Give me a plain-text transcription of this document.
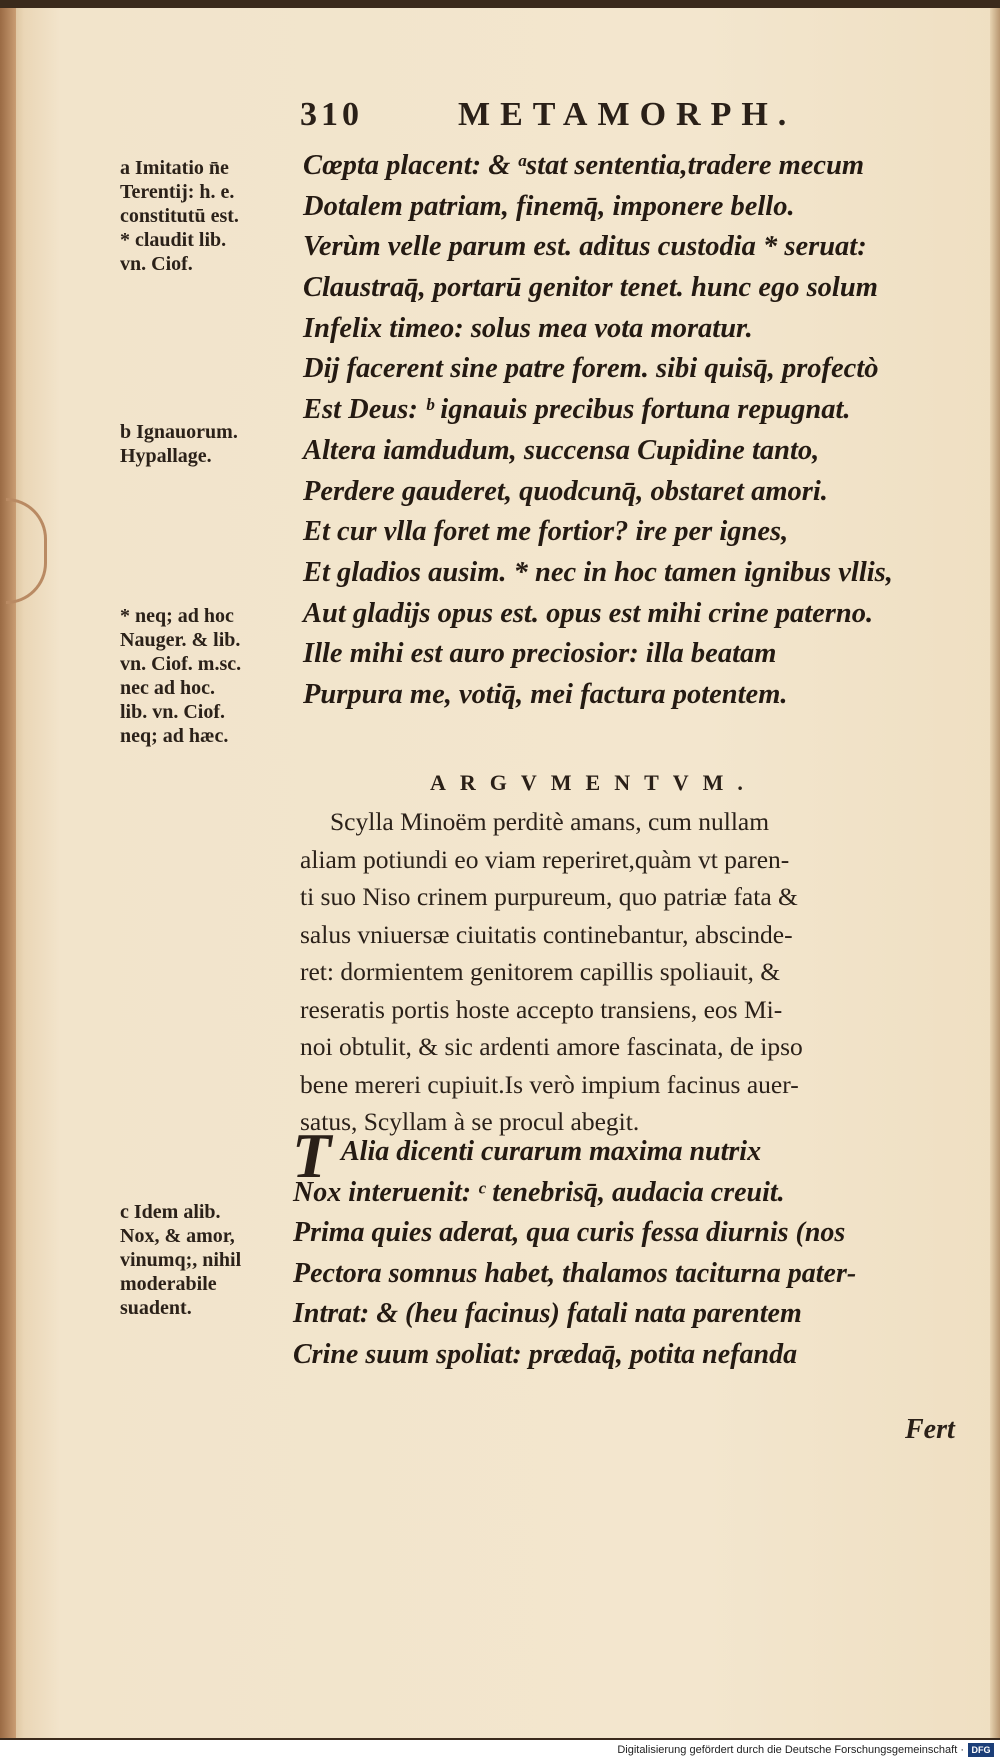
310	METAMORPH.
a Imitatio n̄e
Terentij: h. e.
constitutū est.
* claudit lib.
vn. Ciof.
b Ignauorum.
Hypallage.
* neq; ad hoc
Nauger. & lib.
vn. Ciof. m.sc.
nec ad hoc.
lib. vn. Ciof.
neq; ad hæc.
c Idem alib.
Nox, & amor,
vinumq;, nihil
moderabile
suadent.
Cœpta placent: & ᵃstat sententia,tradere mecum
Dotalem patriam, finemq̄, imponere bello.
Verùm velle parum est. aditus custodia * seruat:
Claustraq̄, portarū genitor tenet. hunc ego solum
Infelix timeo: solus mea vota moratur.
Dij facerent sine patre forem. sibi quisq̄, profectò
Est Deus: ᵇ ignauis precibus fortuna repugnat.
Altera iamdudum, succensa Cupidine tanto,
Perdere gauderet, quodcunq̄, obstaret amori.
Et cur vlla foret me fortior? ire per ignes,
Et gladios ausim. * nec in hoc tamen ignibus vllis,
Aut gladijs opus est. opus est mihi crine paterno.
Ille mihi est auro preciosior: illa beatam
Purpura me, votiq̄, mei factura potentem.
ARGVMENTVM.
Scylla Minoëm perditè amans, cum nullam
aliam potiundi eo viam reperiret,quàm vt paren-
ti suo Niso crinem purpureum, quo patriæ fata &
salus vniuersæ ciuitatis continebantur, abscinde-
ret: dormientem genitorem capillis spoliauit, &
reseratis portis hoste accepto transiens, eos Mi-
noi obtulit, & sic ardenti amore fascinata, de ipso
bene mereri cupiuit.Is verò impium facinus auer-
satus, Scyllam à se procul abegit.
T Alia dicenti curarum maxima nutrix
Nox interuenit: ᶜ tenebrisq̄, audacia creuit.
Prima quies aderat, qua curis fessa diurnis (nos
Pectora somnus habet, thalamos taciturna pater-
Intrat: & (heu facinus) fatali nata parentem
Crine suum spoliat: prædaq̄, potita nefanda
Fert
Digitalisierung gefördert durch die Deutsche Forschungsgemeinschaft · DFG
